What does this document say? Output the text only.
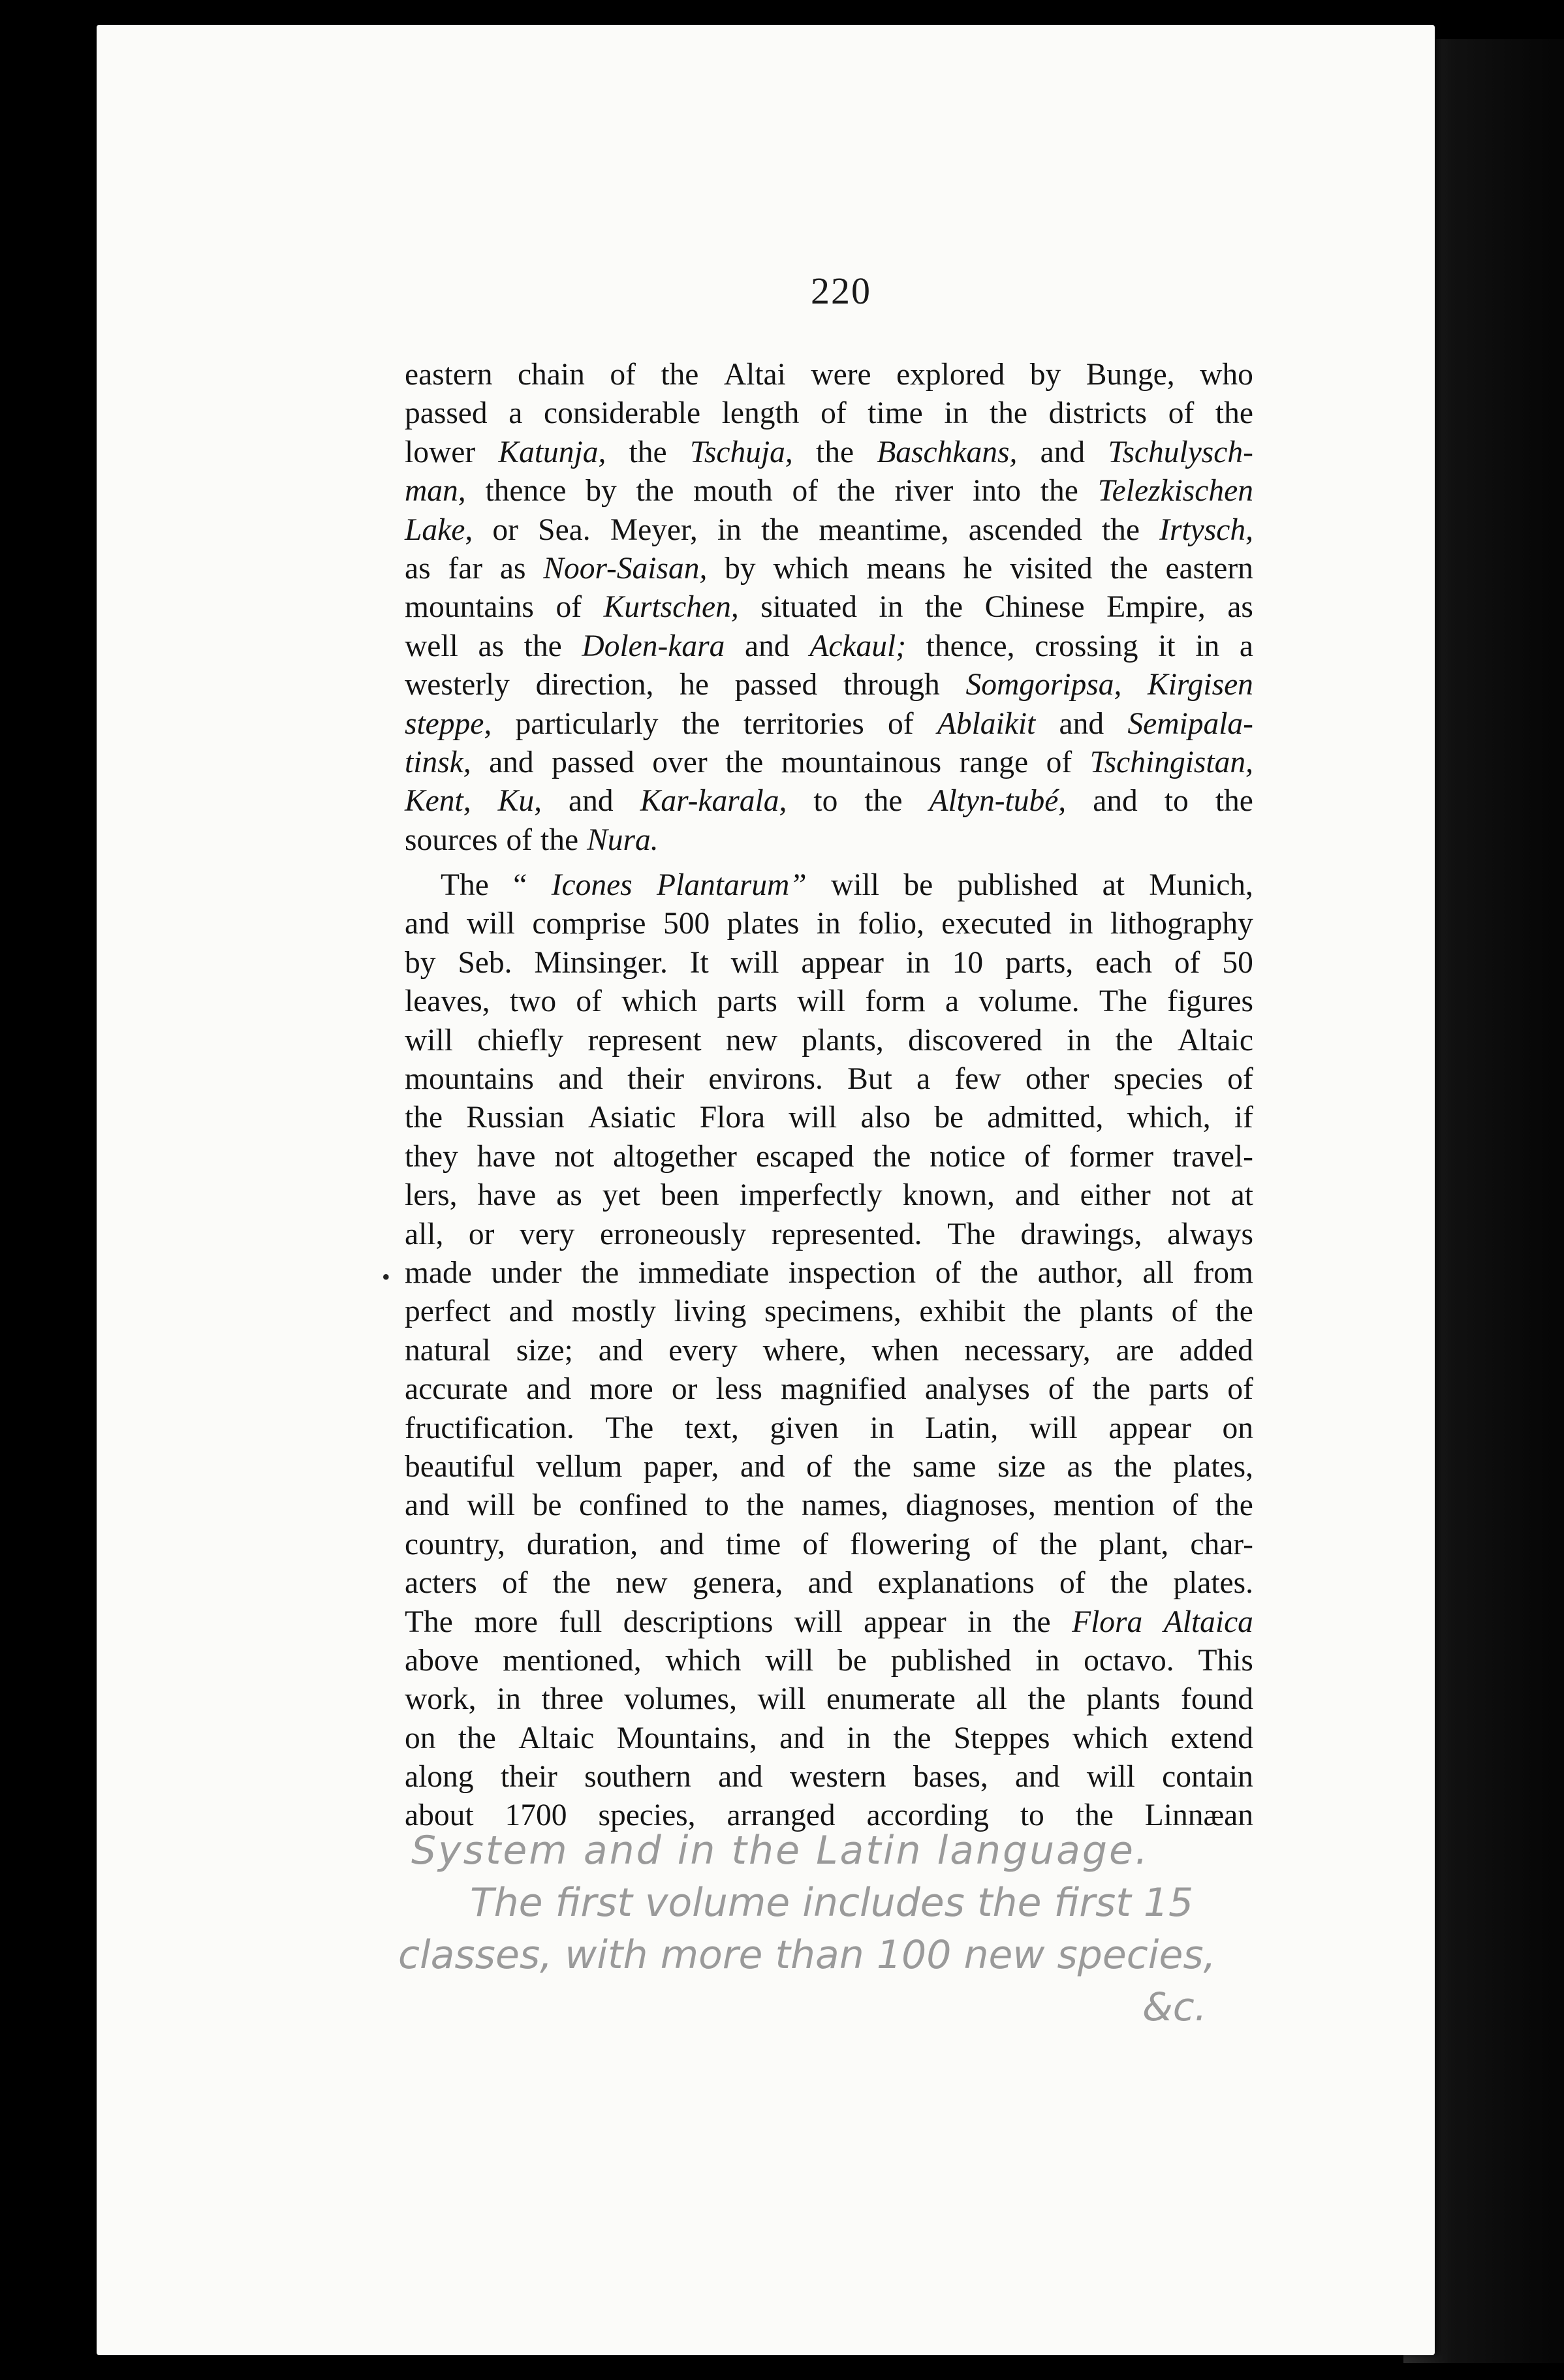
220
eastern chain of the Altai were explored by Bunge, who
passed a considerable length of time in the districts of the
lower Katunja, the Tschuja, the Baschkans, and Tschulysch-
man, thence by the mouth of the river into the Telezkischen
Lake, or Sea. Meyer, in the meantime, ascended the Irtysch,
as far as Noor-Saisan, by which means he visited the eastern
mountains of Kurtschen, situated in the Chinese Empire, as
well as the Dolen-kara and Ackaul; thence, crossing it in a
westerly direction, he passed through Somgoripsa, Kirgisen
steppe, particularly the territories of Ablaikit and Semipala-
tinsk, and passed over the mountainous range of Tschingistan,
Kent, Ku, and Kar-karala, to the Altyn-tubé, and to the
sources of the Nura.
The “ Icones Plantarum” will be published at Munich,
and will comprise 500 plates in folio, executed in lithography
by Seb. Minsinger. It will appear in 10 parts, each of 50
leaves, two of which parts will form a volume. The figures
will chiefly represent new plants, discovered in the Altaic
mountains and their environs. But a few other species of
the Russian Asiatic Flora will also be admitted, which, if
they have not altogether escaped the notice of former travel-
lers, have as yet been imperfectly known, and either not at
all, or very erroneously represented. The drawings, always
made under the immediate inspection of the author, all from
perfect and mostly living specimens, exhibit the plants of the
natural size; and every where, when necessary, are added
accurate and more or less magnified analyses of the parts of
fructification. The text, given in Latin, will appear on
beautiful vellum paper, and of the same size as the plates,
and will be confined to the names, diagnoses, mention of the
country, duration, and time of flowering of the plant, char-
acters of the new genera, and explanations of the plates.
The more full descriptions will appear in the Flora Altaica
above mentioned, which will be published in octavo. This
work, in three volumes, will enumerate all the plants found
on the Altaic Mountains, and in the Steppes which extend
along their southern and western bases, and will contain
about 1700 species, arranged according to the Linnæan
•
System and in the Latin language.
The first volume includes the first 15
classes, with more than 100 new species,
&c.
